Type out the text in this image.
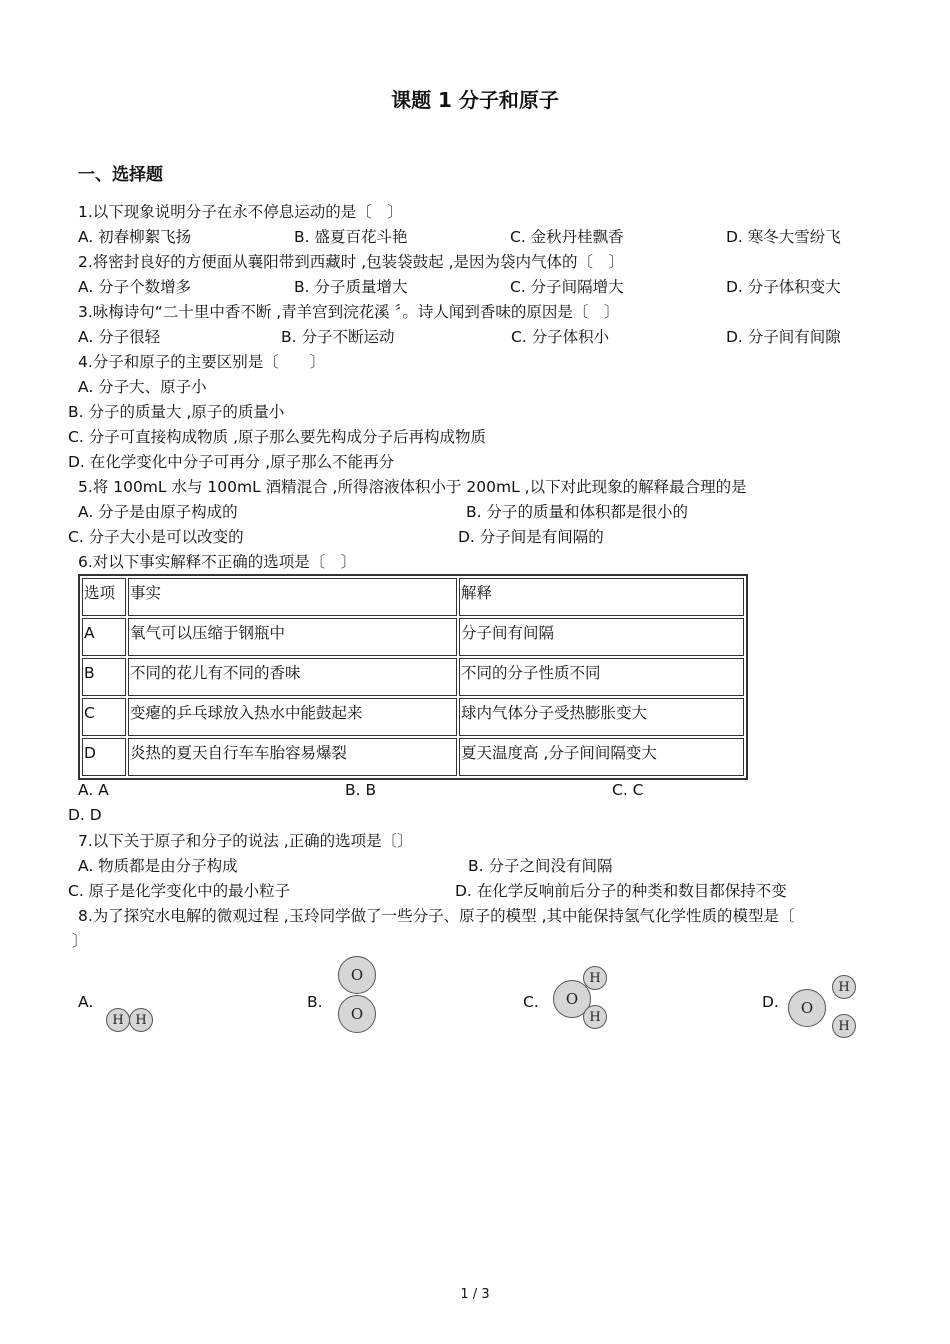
课题 1 分子和原子
一、选择题
1.以下现象说明分子在永不停息运动的是〔　〕
A. 初春柳絮飞扬	B. 盛夏百花斗艳	C. 金秋丹桂飘香	D. 寒冬大雪纷飞
2.将密封良好的方便面从襄阳带到西藏时 ,包装袋鼓起 ,是因为袋内气体的〔　〕
A. 分子个数增多	B. 分子质量增大	C. 分子间隔增大	D. 分子体积变大
3.咏梅诗句“二十里中香不断 ,青羊宫到浣花溪 〞。诗人闻到香味的原因是〔　〕
A. 分子很轻	B. 分子不断运动	C. 分子体积小	D. 分子间有间隙
4.分子和原子的主要区别是〔　　〕
A. 分子大、原子小
B. 分子的质量大 ,原子的质量小
C. 分子可直接构成物质 ,原子那么要先构成分子后再构成物质
D. 在化学变化中分子可再分 ,原子那么不能再分
5.将 100mL 水与 100mL 酒精混合 ,所得溶液体积小于 200mL ,以下对此现象的解释最合理的是
A. 分子是由原子构成的	B. 分子的质量和体积都是很小的
C. 分子大小是可以改变的	D. 分子间是有间隔的
6.对以下事实解释不正确的选项是〔　〕
选项	事实	解释
A	氧气可以压缩于钢瓶中	分子间有间隔
B	不同的花儿有不同的香味	不同的分子性质不同
C	变瘪的乒乓球放入热水中能鼓起来	球内气体分子受热膨胀变大
D	炎热的夏天自行车车胎容易爆裂	夏天温度高 ,分子间间隔变大
A. A	B. B	C. C
D. D
7.以下关于原子和分子的说法 ,正确的选项是〔〕
A. 物质都是由分子构成	B. 分子之间没有间隔
C. 原子是化学变化中的最小粒子	D. 在化学反响前后分子的种类和数目都保持不变
8.为了探究水电解的微观过程 ,玉玲同学做了一些分子、原子的模型 ,其中能保持氢气化学性质的模型是〔
〕
A.
H H
B.
O
O
C.	O
H
H
D.	O
H
H
1 / 3
